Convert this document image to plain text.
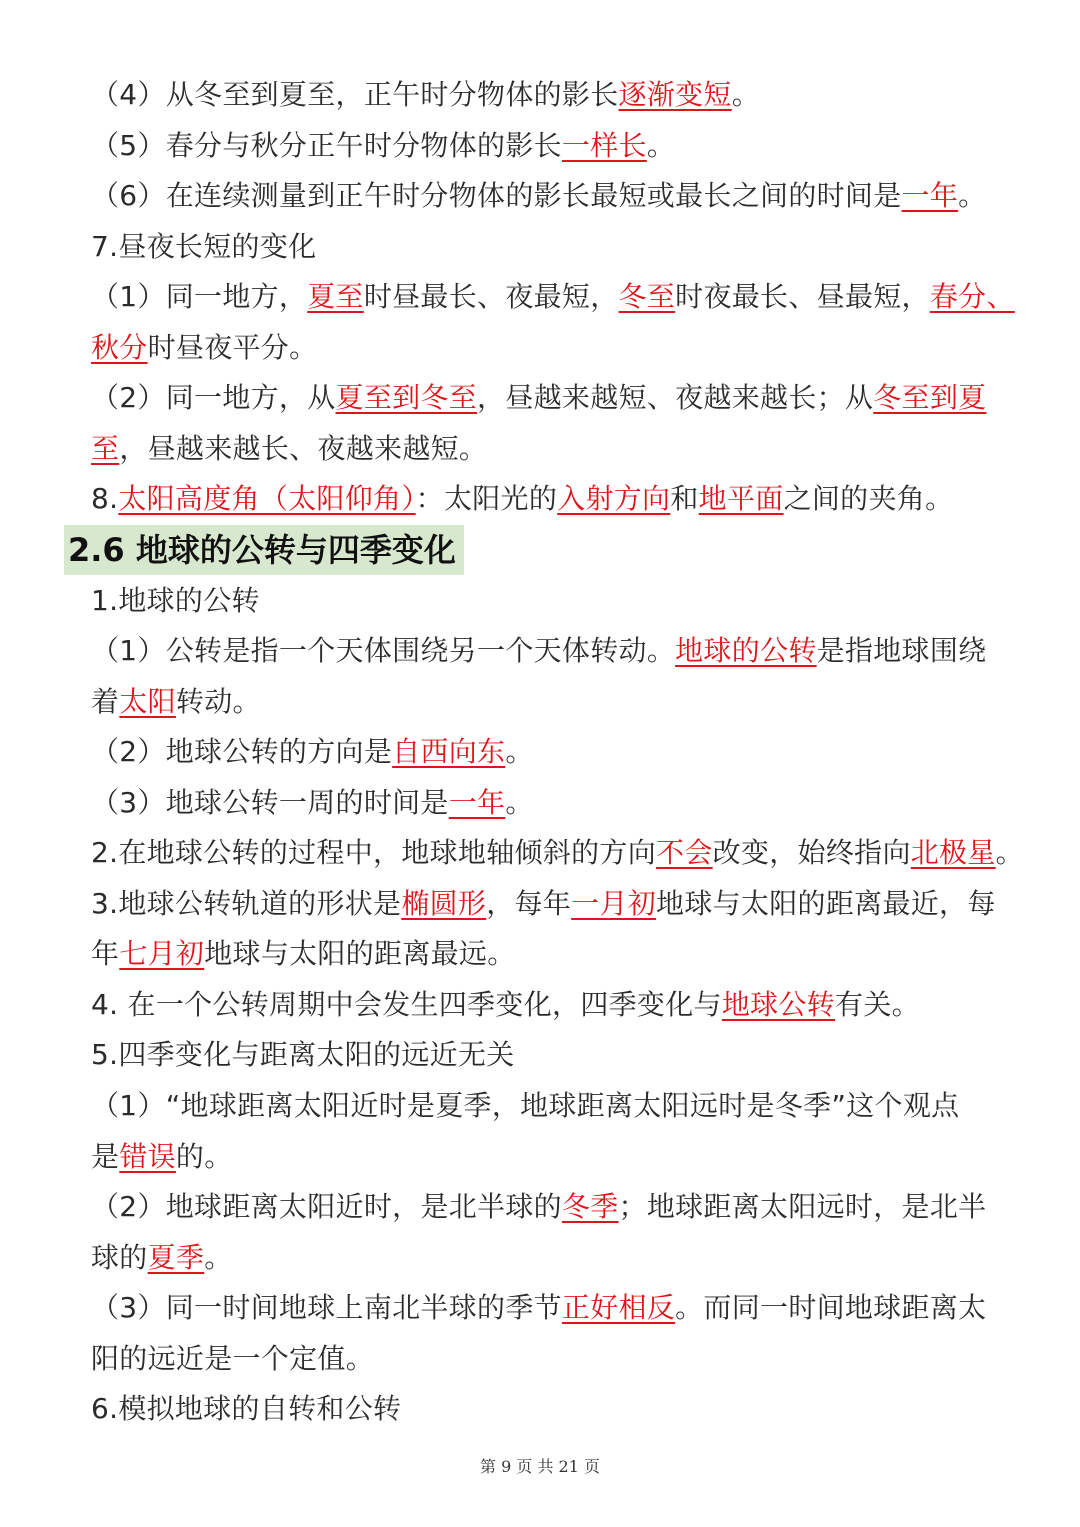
2.6 地球的公转与四季变化
（4）从冬至到夏至，正午时分物体的影长逐渐变短。
（5）春分与秋分正午时分物体的影长一样长。
（6）在连续测量到正午时分物体的影长最短或最长之间的时间是一年。
7.昼夜长短的变化
（1）同一地方，夏至时昼最长、夜最短，冬至时夜最长、昼最短，春分、
秋分时昼夜平分。
（2）同一地方，从夏至到冬至，昼越来越短、夜越来越长；从冬至到夏
至，昼越来越长、夜越来越短。
8.太阳高度角（太阳仰角）：太阳光的入射方向和地平面之间的夹角。
1.地球的公转
（1）公转是指一个天体围绕另一个天体转动。地球的公转是指地球围绕
着太阳转动。
（2）地球公转的方向是自西向东。
（3）地球公转一周的时间是一年。
2.在地球公转的过程中，地球地轴倾斜的方向不会改变，始终指向北极星。
3.地球公转轨道的形状是椭圆形，每年一月初地球与太阳的距离最近，每
年七月初地球与太阳的距离最远。
4. 在一个公转周期中会发生四季变化，四季变化与地球公转有关。
5.四季变化与距离太阳的远近无关
（1）“地球距离太阳近时是夏季，地球距离太阳远时是冬季”这个观点
是错误的。
（2）地球距离太阳近时，是北半球的冬季；地球距离太阳远时，是北半
球的夏季。
（3）同一时间地球上南北半球的季节正好相反。而同一时间地球距离太
阳的远近是一个定值。
6.模拟地球的自转和公转
第 9 页 共 21 页
